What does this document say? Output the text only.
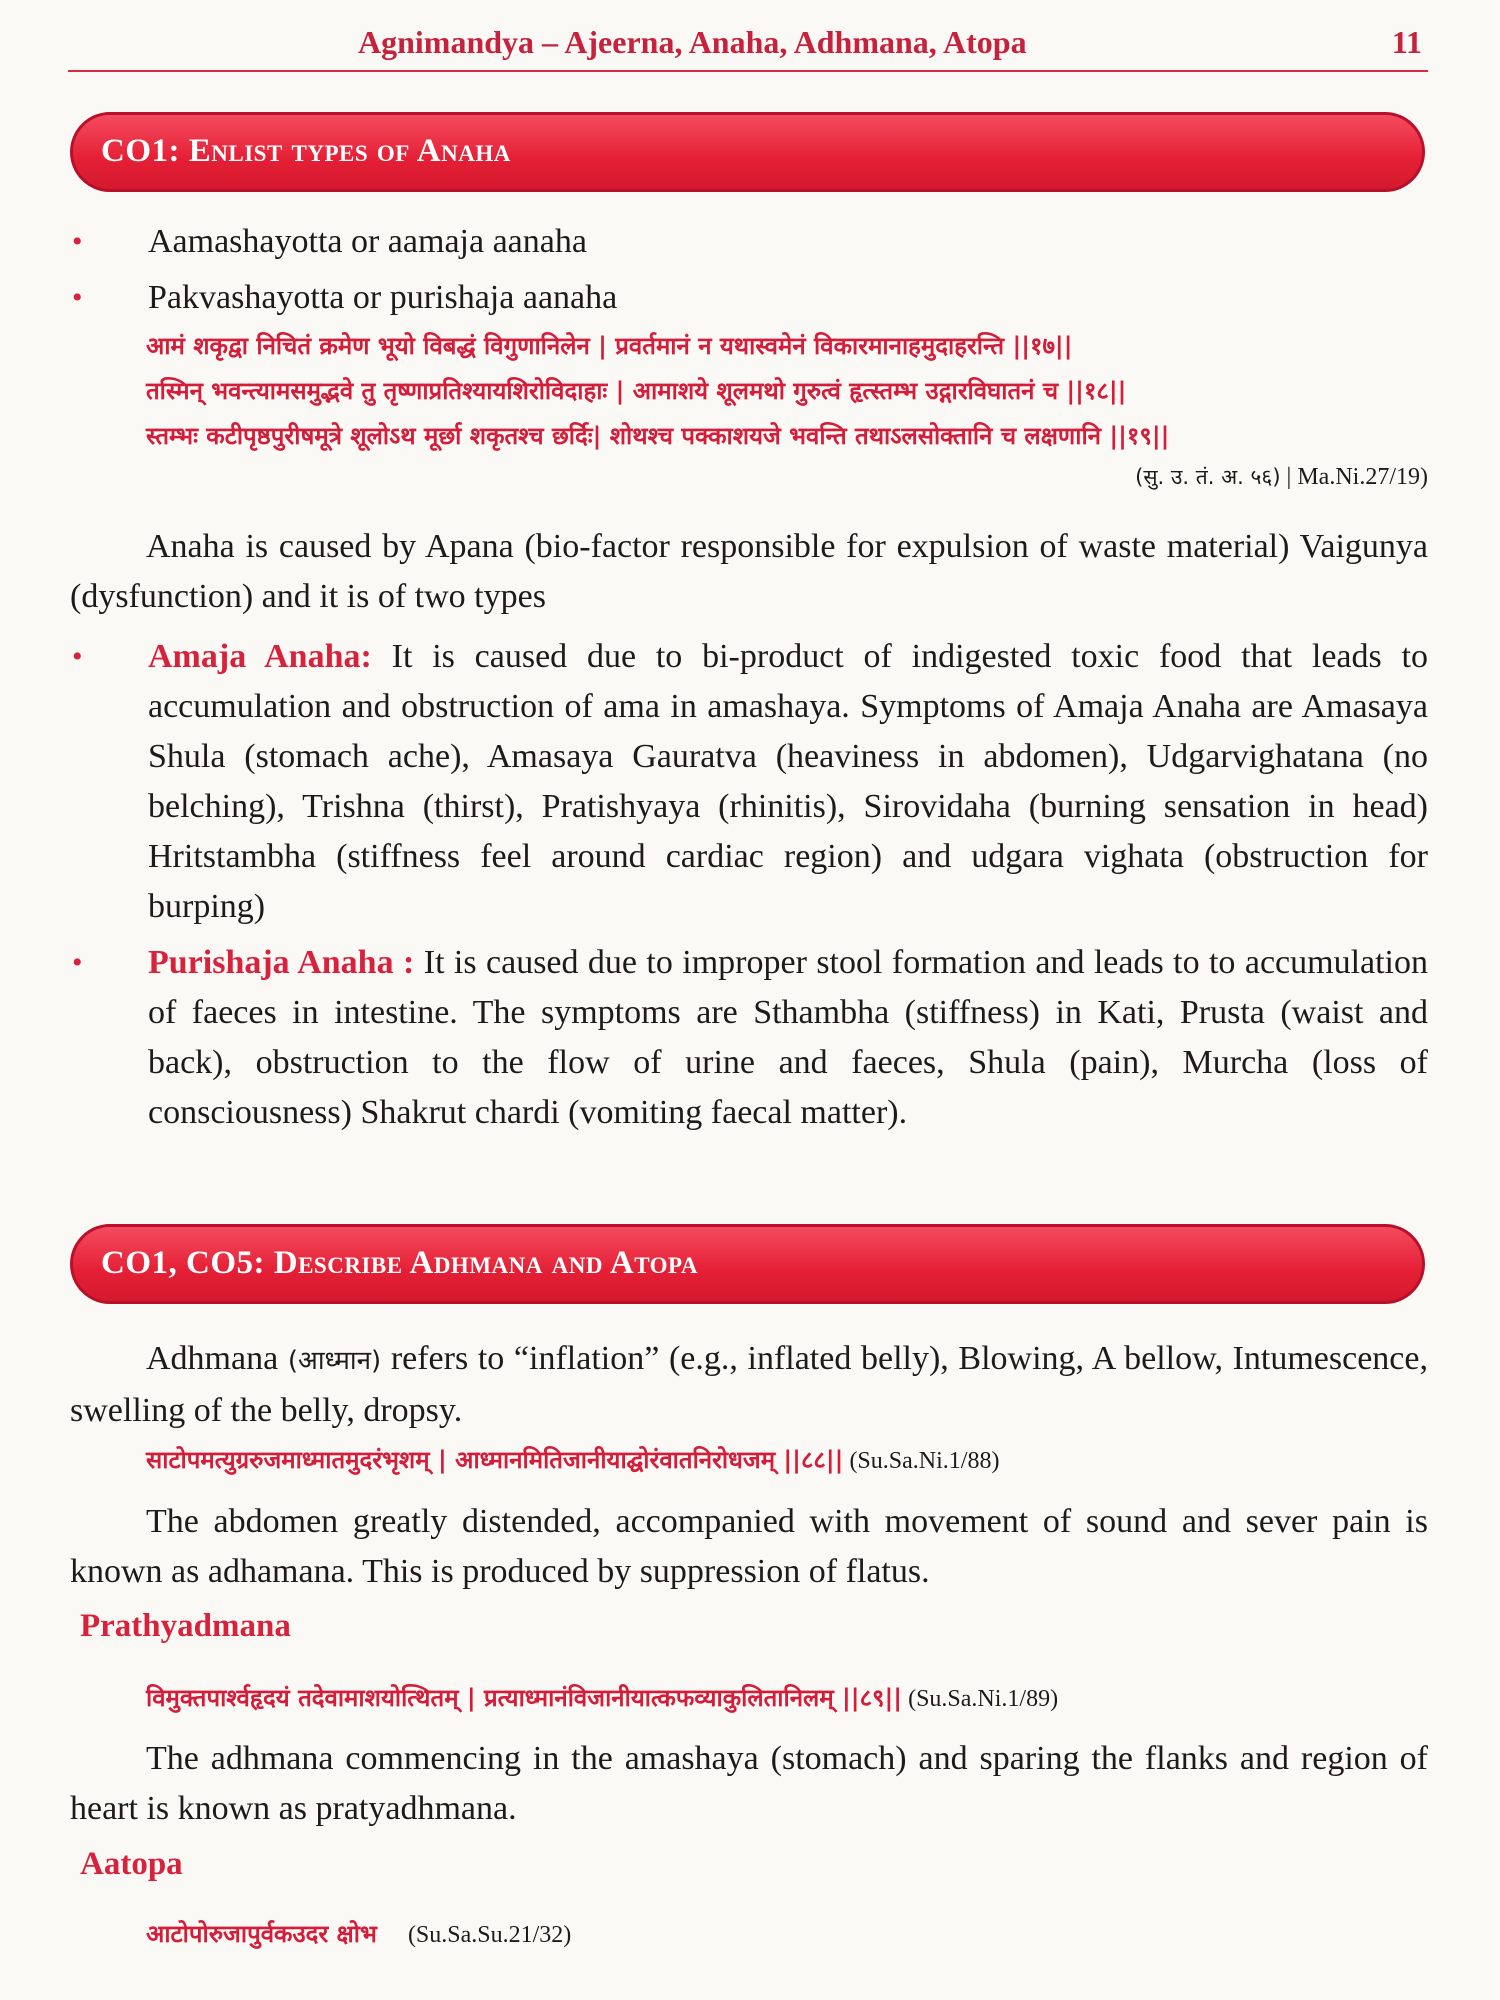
Agnimandya – Ajeerna, Anaha, Adhmana, Atopa	11
CO1: Enlist types of Anaha
• Aamashayotta or aamaja aanaha
• Pakvashayotta or purishaja aanaha
आमं शकृद्वा निचितं क्रमेण भूयो विबद्धं विगुणानिलेन | प्रवर्तमानं न यथास्वमेनं विकारमानाहमुदाहरन्ति ||१७||
तस्मिन् भवन्त्यामसमुद्भवे तु तृष्णाप्रतिश्यायशिरोविदाहाः | आमाशये शूलमथो गुरुत्वं हृत्स्तम्भ उद्गारविघातनं च ||१८||
स्तम्भः कटीपृष्ठपुरीषमूत्रे शूलोऽथ मूर्छा शकृतश्च छर्दिः| शोथश्च पक्काशयजे भवन्ति तथाऽलसोक्तानि च लक्षणानि ||१९||
(सु. उ. तं. अ. ५६) | Ma.Ni.27/19)
Anaha is caused by Apana (bio-factor responsible for expulsion of waste material) Vaigunya (dysfunction) and it is of two types
• Amaja Anaha: It is caused due to bi-product of indigested toxic food that leads to accumulation and obstruction of ama in amashaya. Symptoms of Amaja Anaha are Amasaya Shula (stomach ache), Amasaya Gauratva (heaviness in abdomen), Udgarvighatana (no belching), Trishna (thirst), Pratishyaya (rhinitis), Sirovidaha (burning sensation in head) Hritstambha (stiffness feel around cardiac region) and udgara vighata (obstruction for burping)
• Purishaja Anaha : It is caused due to improper stool formation and leads to to accumulation of faeces in intestine. The symptoms are Sthambha (stiffness) in Kati, Prusta (waist and back), obstruction to the flow of urine and faeces, Shula (pain), Murcha (loss of consciousness) Shakrut chardi (vomiting faecal matter).
CO1, CO5: Describe Adhmana and Atopa
Adhmana (आध्मान) refers to “inflation” (e.g., inflated belly), Blowing, A bellow, Intumescence, swelling of the belly, dropsy.
साटोपमत्युग्ररुजमाध्मातमुदरंभृशम् | आध्मानमितिजानीयाद्घोरंवातनिरोधजम् ||८८|| (Su.Sa.Ni.1/88)
The abdomen greatly distended, accompanied with movement of sound and sever pain is known as adhamana. This is produced by suppression of flatus.
Prathyadmana
विमुक्तपार्श्वहृदयं तदेवामाशयोत्थितम् | प्रत्याध्मानंविजानीयात्कफव्याकुलितानिलम् ||८९|| (Su.Sa.Ni.1/89)
The adhmana commencing in the amashaya (stomach) and sparing the flanks and region of heart is known as pratyadhmana.
Aatopa
आटोपोरुजापुर्वकउदर क्षोभ (Su.Sa.Su.21/32)
